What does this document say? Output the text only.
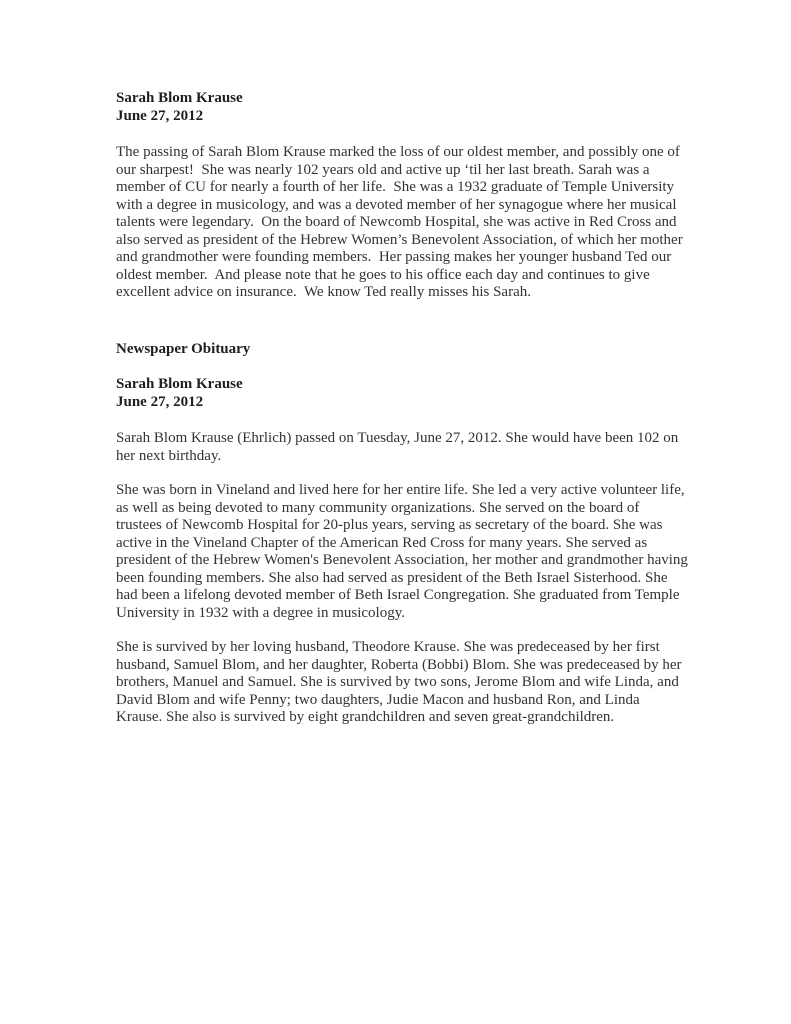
Sarah Blom Krause
June 27, 2012

The passing of Sarah Blom Krause marked the loss of our oldest member, and possibly one of our sharpest!  She was nearly 102 years old and active up ‘til her last breath. Sarah was a member of CU for nearly a fourth of her life.  She was a 1932 graduate of Temple University with a degree in musicology, and was a devoted member of her synagogue where her musical talents were legendary.  On the board of Newcomb Hospital, she was active in Red Cross and also served as president of the Hebrew Women’s Benevolent Association, of which her mother and grandmother were founding members.  Her passing makes her younger husband Ted our oldest member.  And please note that he goes to his office each day and continues to give excellent advice on insurance.  We know Ted really misses his Sarah.

Newspaper Obituary
Sarah Blom Krause
June 27, 2012

Sarah Blom Krause (Ehrlich) passed on Tuesday, June 27, 2012. She would have been 102 on her next birthday.

She was born in Vineland and lived here for her entire life. She led a very active volunteer life, as well as being devoted to many community organizations. She served on the board of trustees of Newcomb Hospital for 20-plus years, serving as secretary of the board. She was active in the Vineland Chapter of the American Red Cross for many years. She served as president of the Hebrew Women's Benevolent Association, her mother and grandmother having been founding members. She also had served as president of the Beth Israel Sisterhood. She had been a lifelong devoted member of Beth Israel Congregation. She graduated from Temple University in 1932 with a degree in musicology.

She is survived by her loving husband, Theodore Krause. She was predeceased by her first husband, Samuel Blom, and her daughter, Roberta (Bobbi) Blom. She was predeceased by her brothers, Manuel and Samuel. She is survived by two sons, Jerome Blom and wife Linda, and David Blom and wife Penny; two daughters, Judie Macon and husband Ron, and Linda Krause. She also is survived by eight grandchildren and seven great-grandchildren.
